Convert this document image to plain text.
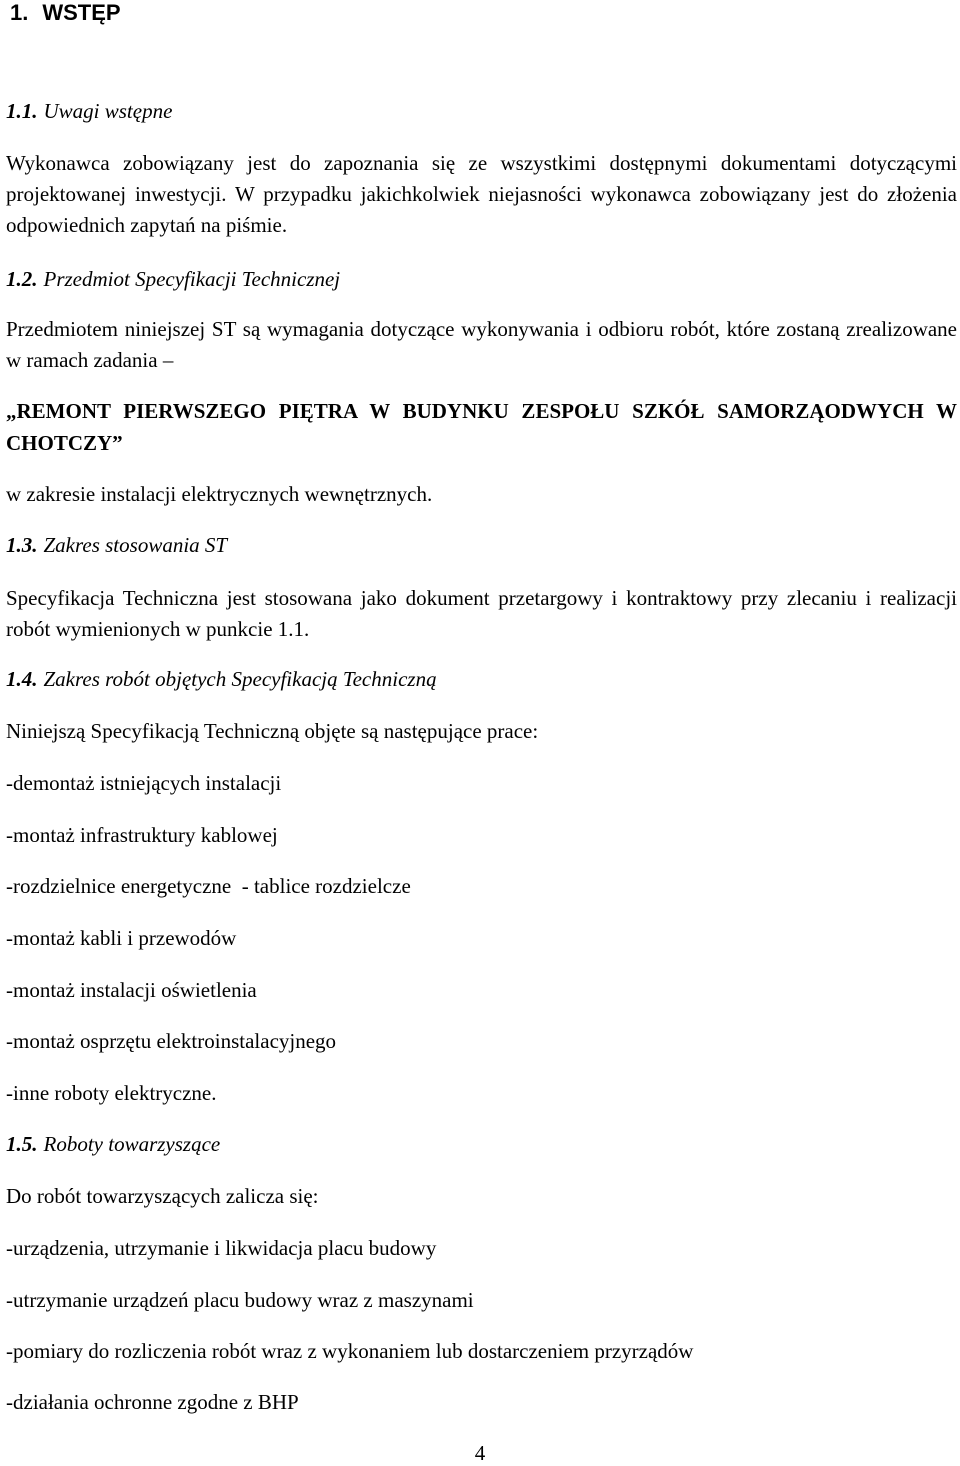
1. WSTĘP
1.1. Uwagi wstępne

Wykonawca zobowiązany jest do zapoznania się ze wszystkimi dostępnymi dokumentami dotyczącymi projektowanej inwestycji. W przypadku jakichkolwiek niejasności wykonawca zobowiązany jest do złożenia odpowiednich zapytań na piśmie.

1.2. Przedmiot Specyfikacji Technicznej

Przedmiotem niniejszej ST są wymagania dotyczące wykonywania i odbioru robót, które zostaną zrealizowane w ramach zadania –

„REMONT PIERWSZEGO PIĘTRA W BUDYNKU ZESPOŁU SZKÓŁ SAMORZĄODWYCH W CHOTCZY”

w zakresie instalacji elektrycznych wewnętrznych.

1.3. Zakres stosowania ST

Specyfikacja Techniczna jest stosowana jako dokument przetargowy i kontraktowy przy zlecaniu i realizacji robót wymienionych w punkcie 1.1.

1.4. Zakres robót objętych Specyfikacją Techniczną

Niniejszą Specyfikacją Techniczną objęte są następujące prace:

-demontaż istniejących instalacji

-montaż infrastruktury kablowej

-rozdzielnice energetyczne  - tablice rozdzielcze

-montaż kabli i przewodów

-montaż instalacji oświetlenia

-montaż osprzętu elektroinstalacyjnego

-inne roboty elektryczne.

1.5. Roboty towarzyszące

Do robót towarzyszących zalicza się:

-urządzenia, utrzymanie i likwidacja placu budowy

-utrzymanie urządzeń placu budowy wraz z maszynami

-pomiary do rozliczenia robót wraz z wykonaniem lub dostarczeniem przyrządów

-działania ochronne zgodne z BHP

4
